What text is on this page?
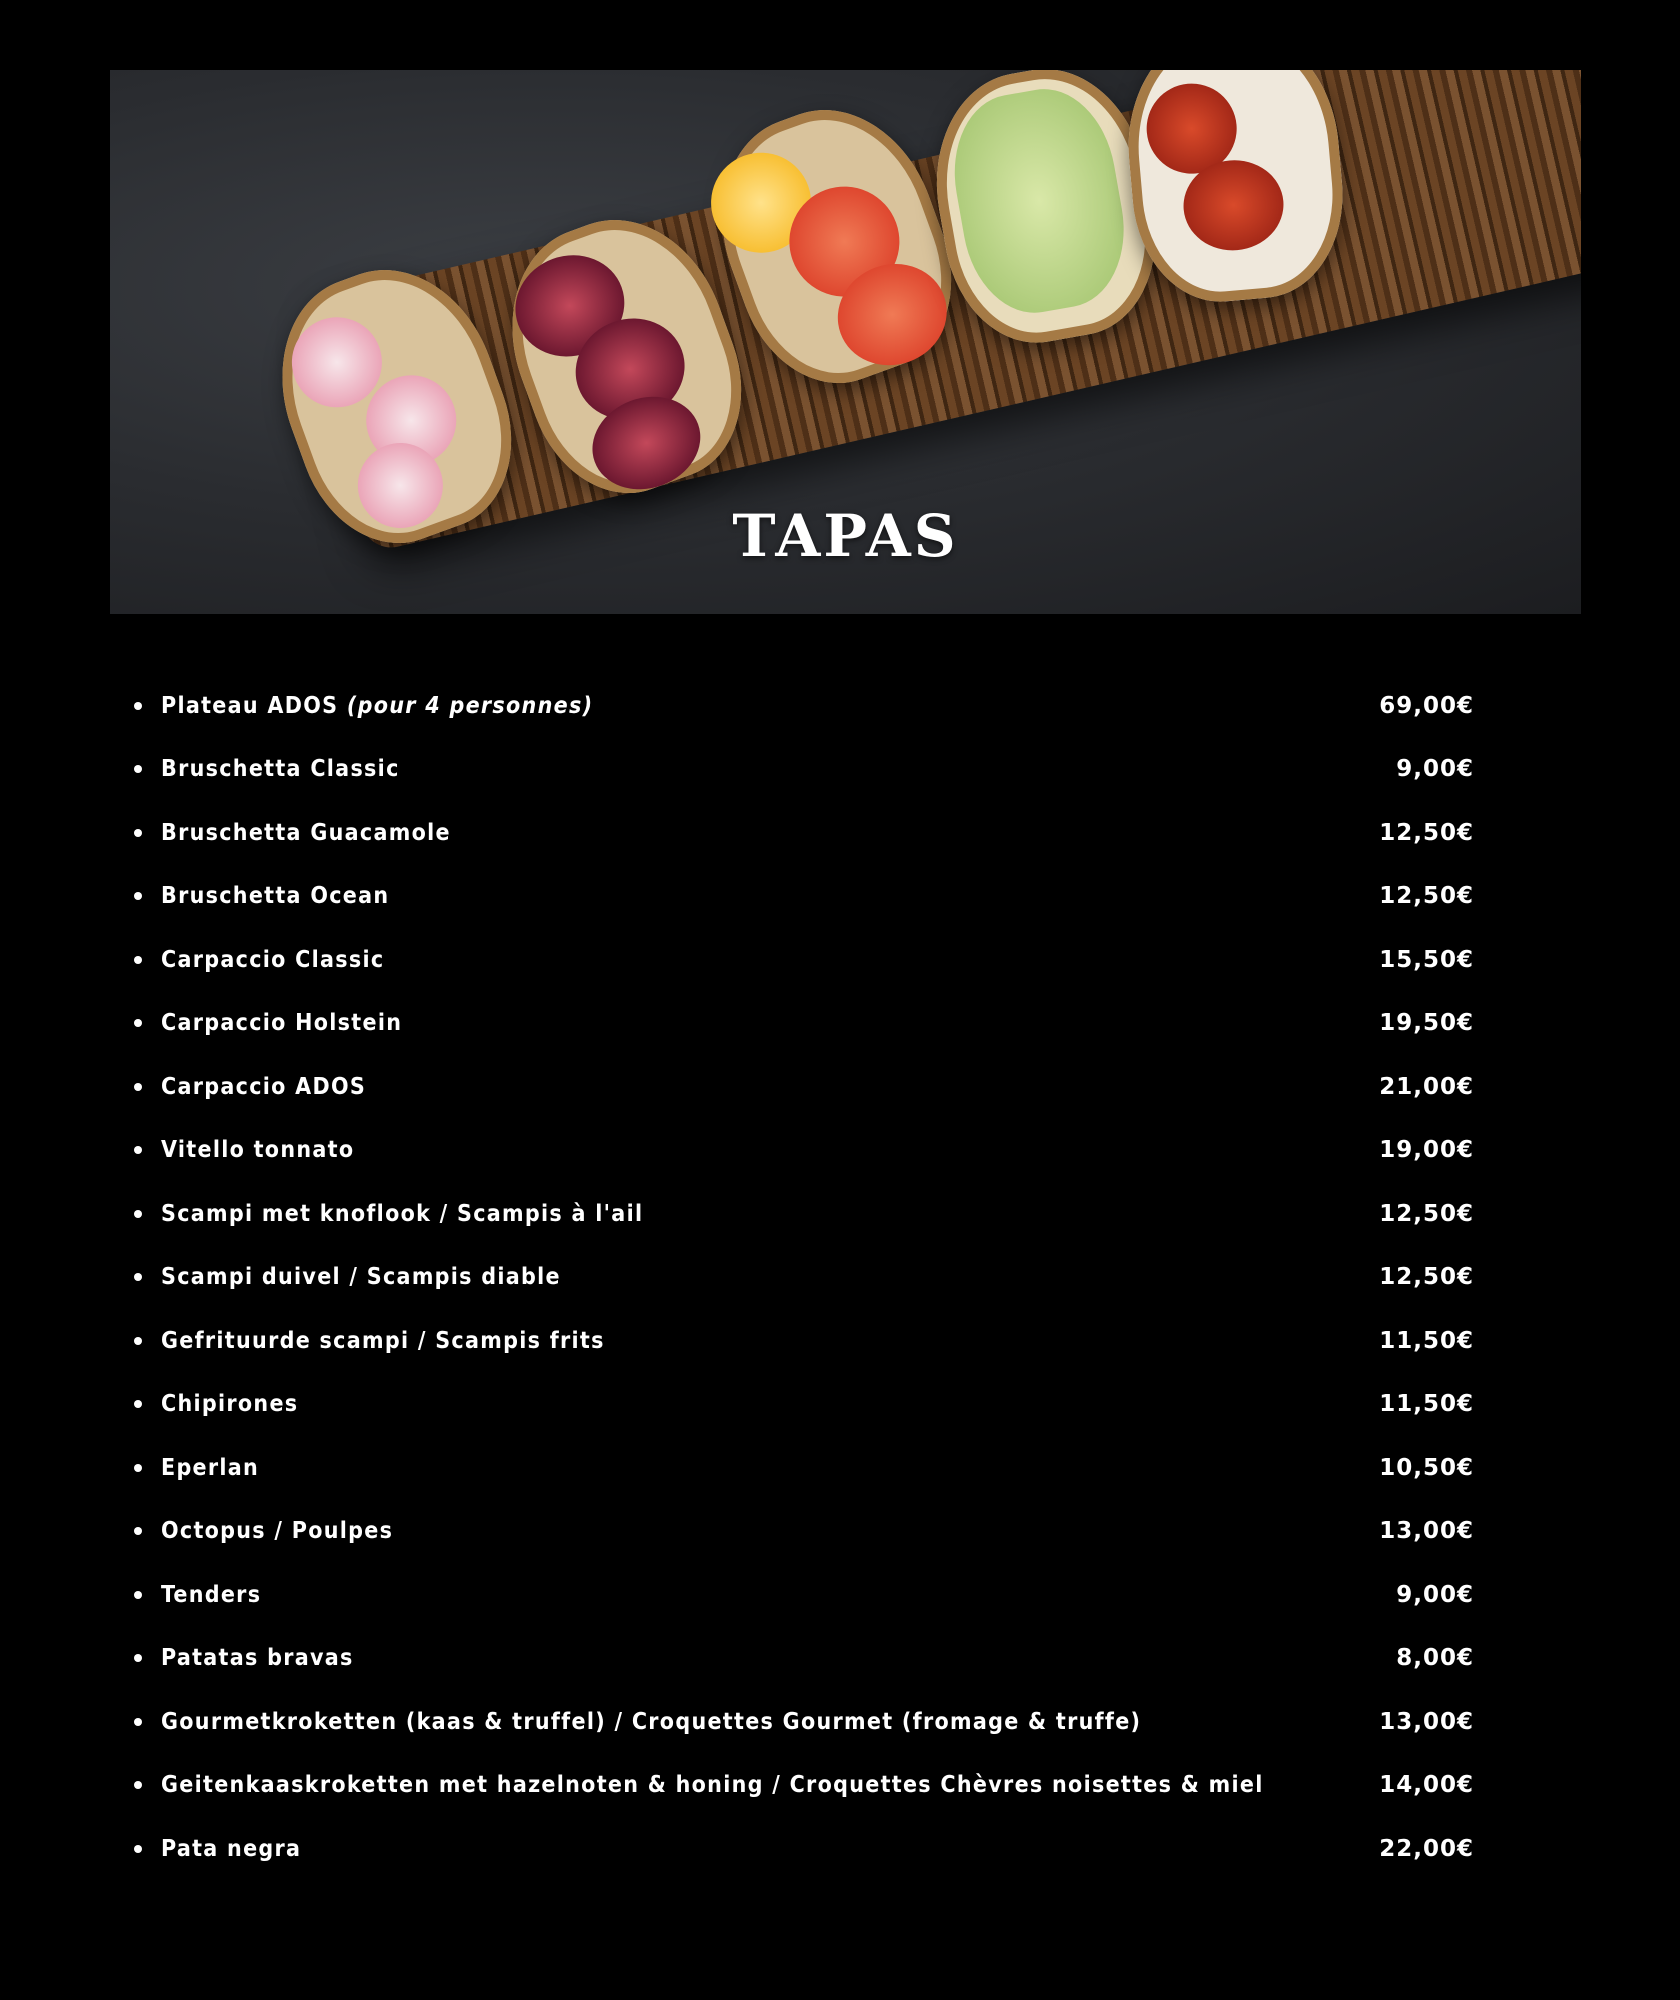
TAPAS
Plateau ADOS (pour 4 personnes)	69,00€
Bruschetta Classic	9,00€
Bruschetta Guacamole	12,50€
Bruschetta Ocean	12,50€
Carpaccio Classic	15,50€
Carpaccio Holstein	19,50€
Carpaccio ADOS	21,00€
Vitello tonnato	19,00€
Scampi met knoflook / Scampis à l'ail	12,50€
Scampi duivel / Scampis diable	12,50€
Gefrituurde scampi / Scampis frits	11,50€
Chipirones	11,50€
Eperlan	10,50€
Octopus / Poulpes	13,00€
Tenders	9,00€
Patatas bravas	8,00€
Gourmetkroketten (kaas & truffel) / Croquettes Gourmet (fromage & truffe)	13,00€
Geitenkaaskroketten met hazelnoten & honing / Croquettes Chèvres noisettes & miel	14,00€
Pata negra	22,00€
